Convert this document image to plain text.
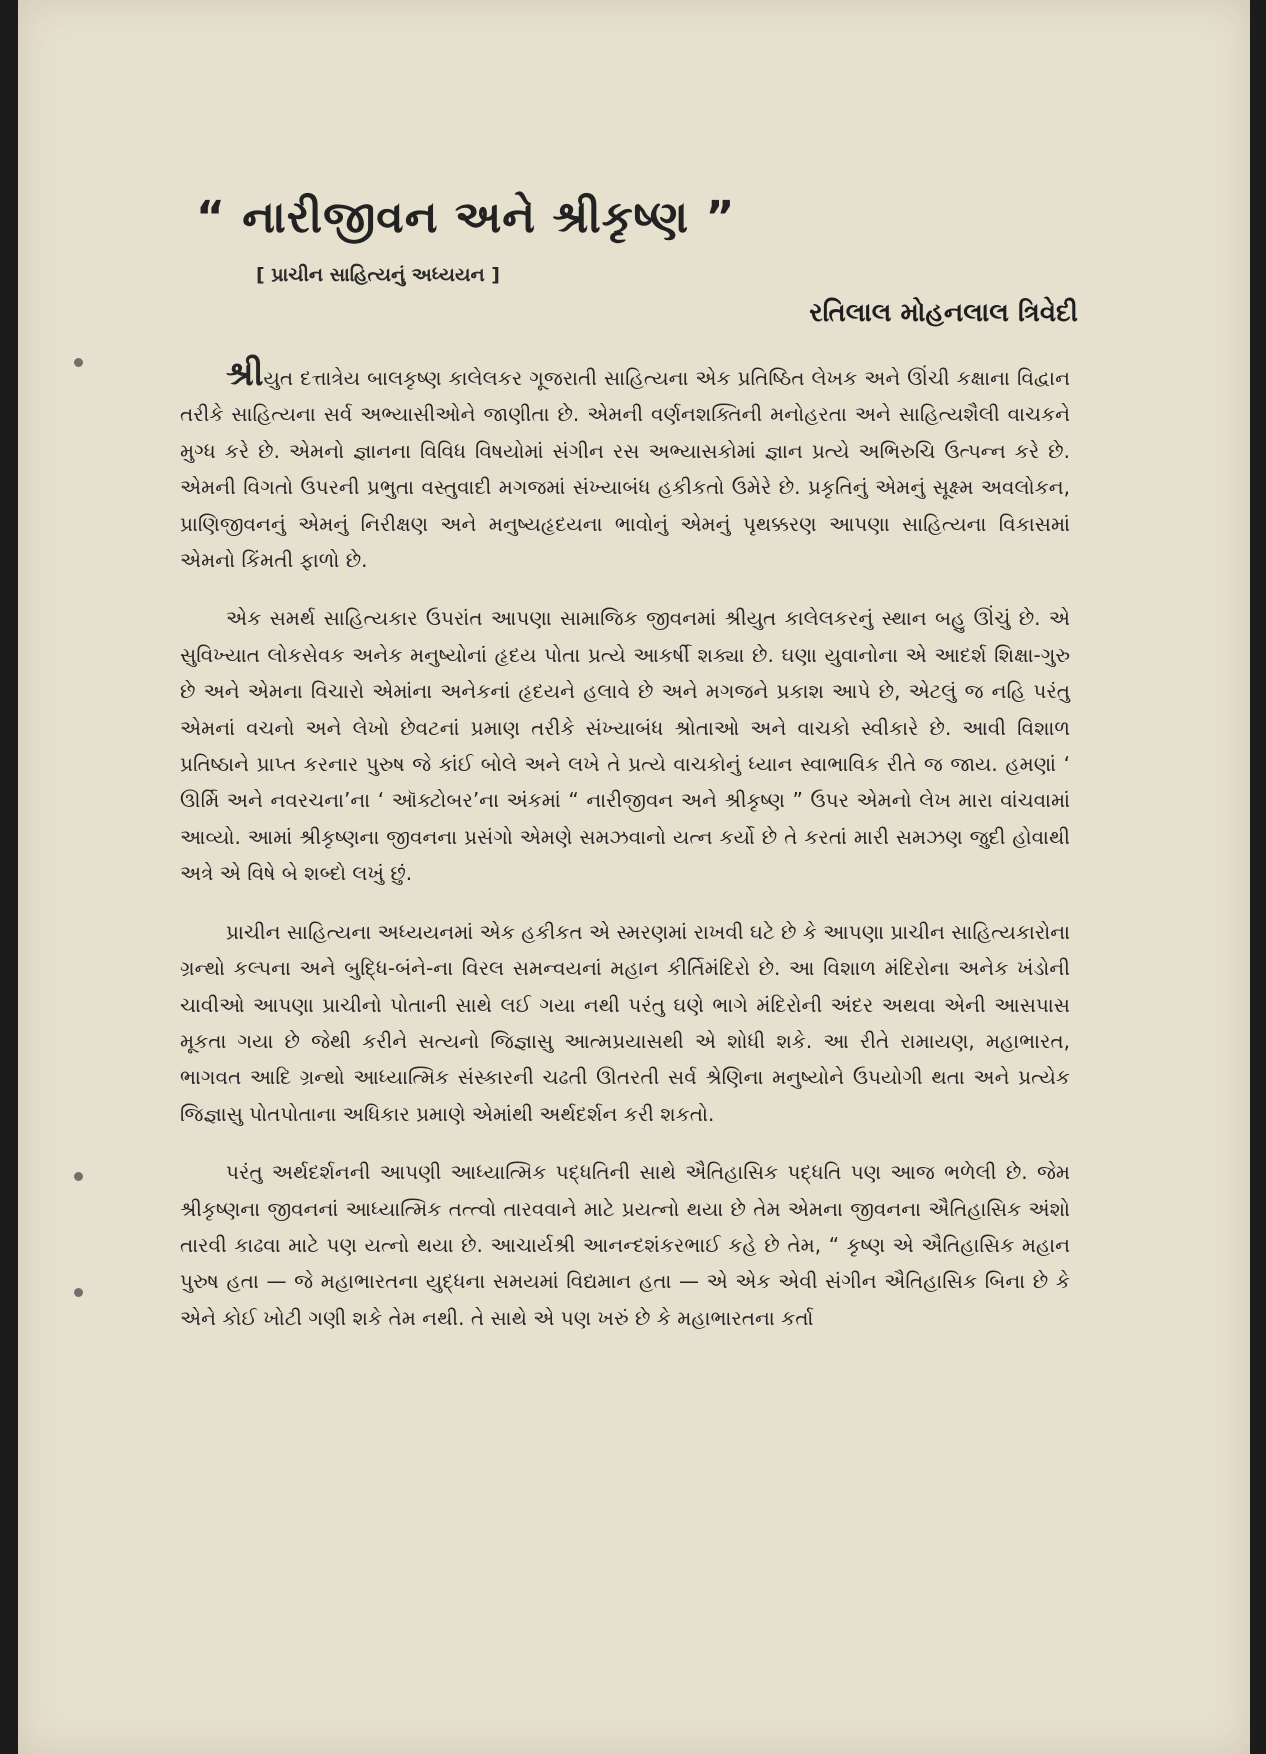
“ નારીજીવન અને શ્રીકૃષ્ણ ”
[ પ્રાચીન સાહિત્યનું અધ્યયન ]
રતિલાલ મોહનલાલ ત્રિવેદી

શ્રીયુત દત્તાત્રેય બાલકૃષ્ણ કાલેલકર ગૂજરાતી સાહિત્યના એક પ્રતિષ્ઠિત લેખક અને ઊંચી કક્ષાના વિદ્વાન તરીકે સાહિત્યના સર્વ અભ્યાસીઓને જાણીતા છે. એમની વર્ણનશક્તિની મનોહરતા અને સાહિત્યશૈલી વાચકને મુગ્ધ કરે છે. એમનો જ્ઞાનના વિવિધ વિષયોમાં સંગીન રસ અભ્યાસકોમાં જ્ઞાન પ્રત્યે અભિરુચિ ઉત્પન્ન કરે છે. એમની વિગતો ઉપરની પ્રભુતા વસ્તુવાદી મગજમાં સંખ્યાબંધ હકીકતો ઉમેરે છે. પ્રકૃતિનું એમનું સૂક્ષ્મ અવલોકન, પ્રાણિજીવનનું એમનું નિરીક્ષણ અને મનુષ્યહૃદયના ભાવોનું એમનું પૃથક્કરણ આપણા સાહિત્યના વિકાસમાં એમનો કિંમતી ફાળો છે.

એક સમર્થ સાહિત્યકાર ઉપરાંત આપણા સામાજિક જીવનમાં શ્રીયુત કાલેલકરનું સ્થાન બહુ ઊંચું છે. એ સુવિખ્યાત લોકસેવક અનેક મનુષ્યોનાં હૃદય પોતા પ્રત્યે આકર્ષી શક્યા છે. ઘણા યુવાનોના એ આદર્શ શિક્ષા-ગુરુ છે અને એમના વિચારો એમાંના અનેકનાં હૃદયને હલાવે છે અને મગજને પ્રકાશ આપે છે, એટલું જ નહિ પરંતુ એમનાં વચનો અને લેખો છેવટનાં પ્રમાણ તરીકે સંખ્યાબંધ શ્રોતાઓ અને વાચકો સ્વીકારે છે. આવી વિશાળ પ્રતિષ્ઠાને પ્રાપ્ત કરનાર પુરુષ જે કાંઈ બોલે અને લખે તે પ્રત્યે વાચકોનું ધ્યાન સ્વાભાવિક રીતે જ જાય. હમણાં ‘ ઊર્મિ અને નવરચના’ના ‘ ઑક્ટોબર’ના અંકમાં “ નારીજીવન અને શ્રીકૃષ્ણ ” ઉપર એમનો લેખ મારા વાંચવામાં આવ્યો. આમાં શ્રીકૃષ્ણના જીવનના પ્રસંગો એમણે સમઝવાનો યત્ન કર્યો છે તે કરતાં મારી સમઝણ જુદી હોવાથી અત્રે એ વિષે બે શબ્દો લખું છું.

પ્રાચીન સાહિત્યના અધ્યયનમાં એક હકીકત એ સ્મરણમાં રાખવી ઘટે છે કે આપણા પ્રાચીન સાહિત્યકારોના ગ્રન્થો કલ્પના અને બુદ્ધિ-બંને-ના વિરલ સમન્વયનાં મહાન કીર્તિમંદિરો છે. આ વિશાળ મંદિરોના અનેક ખંડોની ચાવીઓ આપણા પ્રાચીનો પોતાની સાથે લઈ ગયા નથી પરંતુ ઘણે ભાગે મંદિરોની અંદર અથવા એની આસપાસ મૂકતા ગયા છે જેથી કરીને સત્યનો જિજ્ઞાસુ આત્મપ્રયાસથી એ શોધી શકે. આ રીતે રામાયણ, મહાભારત, ભાગવત આદિ ગ્રન્થો આધ્યાત્મિક સંસ્કારની ચઢતી ઊતરતી સર્વ શ્રેણિના મનુષ્યોને ઉપયોગી થતા અને પ્રત્યેક જિજ્ઞાસુ પોતપોતાના અધિકાર પ્રમાણે એમાંથી અર્થદર્શન કરી શકતો.

પરંતુ અર્થદર્શનની આપણી આધ્યાત્મિક પદ્ધતિની સાથે ઐતિહાસિક પદ્ધતિ પણ આજ ભળેલી છે. જેમ શ્રીકૃષ્ણના જીવનનાં આધ્યાત્મિક તત્ત્વો તારવવાને માટે પ્રયત્નો થયા છે તેમ એમના જીવનના ઐતિહાસિક અંશો તારવી કાઢવા માટે પણ યત્નો થયા છે. આચાર્યશ્રી આનન્દશંકરભાઈ કહે છે તેમ, “ કૃષ્ણ એ ઐતિહાસિક મહાન પુરુષ હતા — જે મહાભારતના યુદ્ધના સમયમાં વિદ્યમાન હતા — એ એક એવી સંગીન ઐતિહાસિક બિના છે કે એને કોઈ ખોટી ગણી શકે તેમ નથી. તે સાથે એ પણ ખરું છે કે મહાભારતના કર્તા
